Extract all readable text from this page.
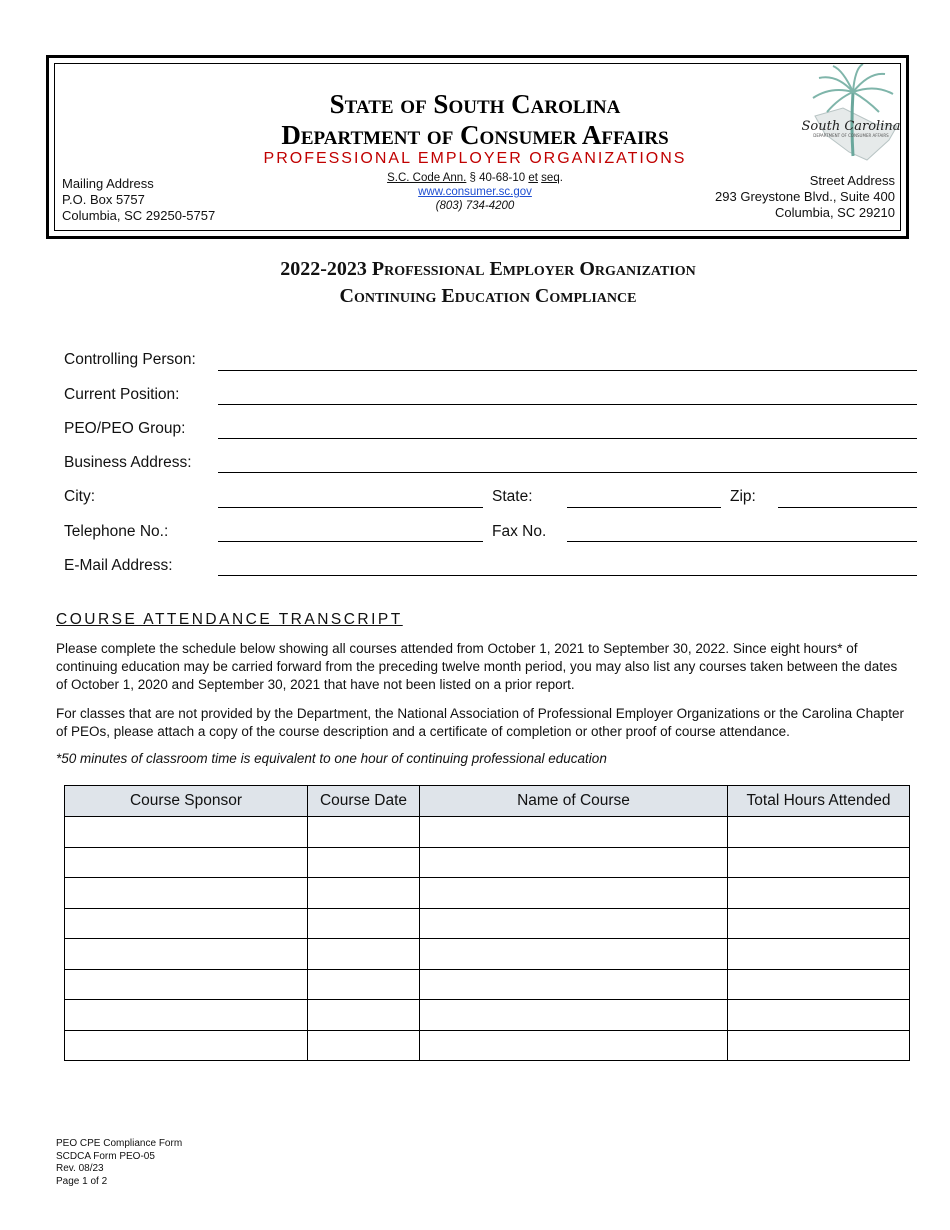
State of South Carolina
Department of Consumer Affairs
PROFESSIONAL EMPLOYER ORGANIZATIONS
S.C. Code Ann. § 40-68-10 et seq.
www.consumer.sc.gov
(803) 734-4200
Mailing Address
P.O. Box 5757
Columbia, SC 29250-5757
Street Address
293 Greystone Blvd., Suite 400
Columbia, SC 29210
South Carolina
DEPARTMENT OF CONSUMER AFFAIRS
2022-2023 Professional Employer Organization
Continuing Education Compliance
Controlling Person:
Current Position:
PEO/PEO Group:
Business Address:
City:	State:	Zip:
Telephone No.:	Fax No.
E-Mail Address:
COURSE ATTENDANCE TRANSCRIPT
Please complete the schedule below showing all courses attended from October 1, 2021 to September 30, 2022. Since eight hours* of continuing education may be carried forward from the preceding twelve month period, you may also list any courses taken between the dates of October 1, 2020 and September 30, 2021 that have not been listed on a prior report.
For classes that are not provided by the Department, the National Association of Professional Employer Organizations or the Carolina Chapter of PEOs, please attach a copy of the course description and a certificate of completion or other proof of course attendance.
*50 minutes of classroom time is equivalent to one hour of continuing professional education
Course Sponsor	Course Date	Name of Course	Total Hours Attended

PEO CPE Compliance Form
SCDCA Form PEO-05
Rev. 08/23
Page 1 of 2
